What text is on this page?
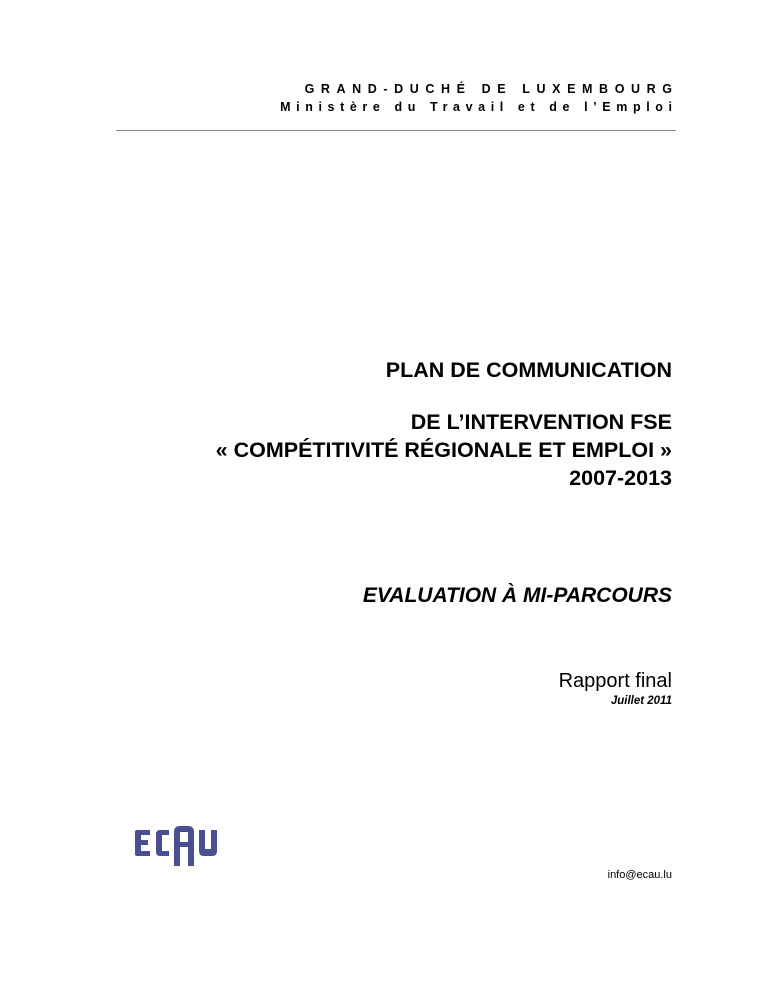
GRAND-DUCHÉ DE LUXEMBOURG
Ministère du Travail et de l’Emploi
PLAN DE COMMUNICATION
DE L’INTERVENTION FSE
« COMPÉTITIVITÉ RÉGIONALE ET EMPLOI »
2007-2013
EVALUATION À MI-PARCOURS
Rapport final
Juillet 2011
info@ecau.lu
